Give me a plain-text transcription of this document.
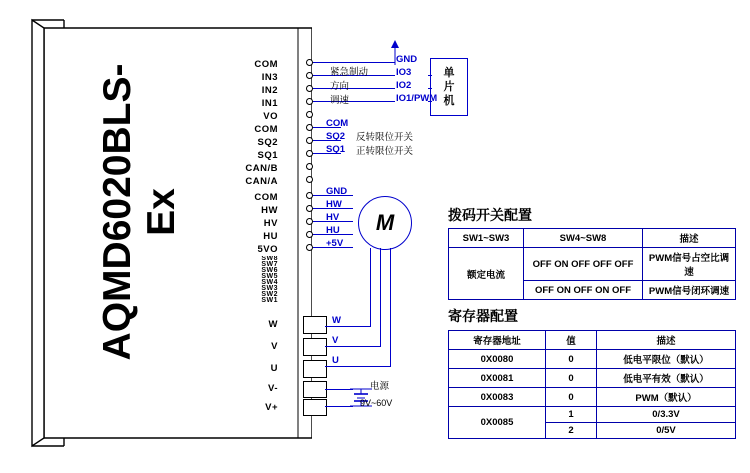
AQMD6020BLS-Ex
COM
IN3
IN2
IN1
VO
COM
SQ2
SQ1
CAN/B
CAN/A
COM
HW
HV
HU
5VO
SW8
SW7
SW6
SW5
SW4
SW3
SW2
SW1
W
V
U
V-
V+
GND
IO3
IO2
IO1/PWM
紧急制动
方向
调速
单
片
机
COM
SQ2
SQ1
反转限位开关
正转限位开关
GND
HW
HV
HU
+5V
M
W
V
U
电源
9V~60V
拨码开关配置
SW1~SW3	SW4~SW8	描述
额定电流	OFF ON OFF OFF OFF	PWM信号占空比调速
	OFF ON OFF ON OFF	PWM信号闭环调速
寄存器配置
寄存器地址	值	描述
0X0080	0	低电平限位（默认）
0X0081	0	低电平有效（默认）
0X0083	0	PWM（默认）
0X0085	1	0/3.3V
	2	0/5V
